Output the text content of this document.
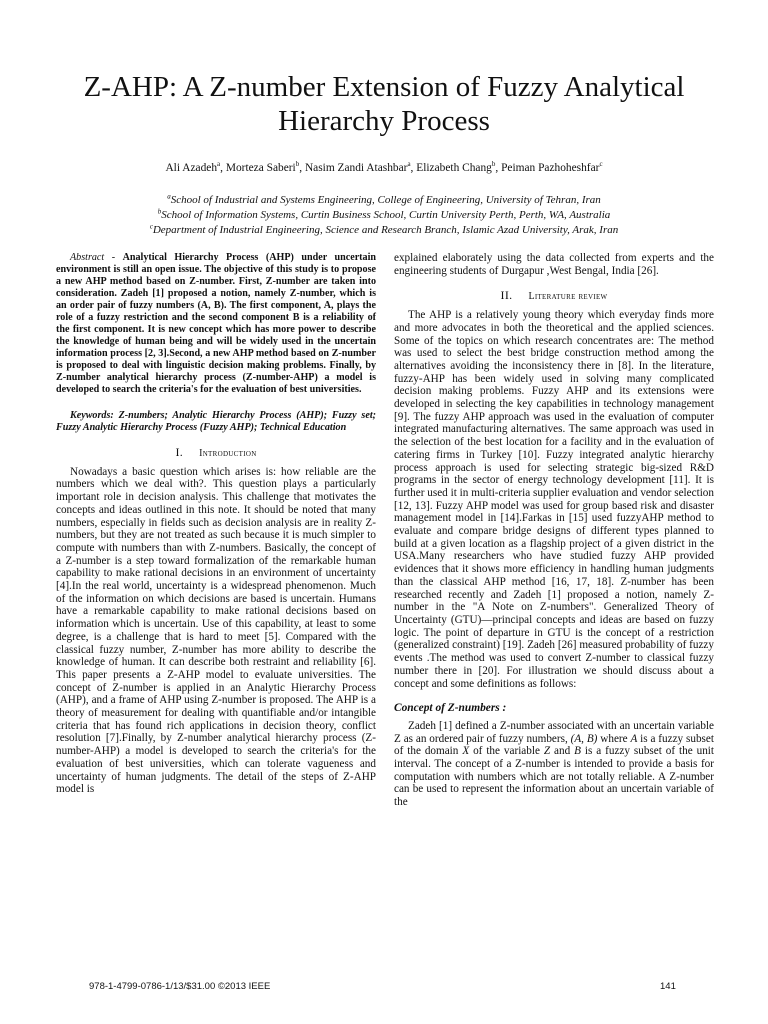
Z-AHP: A Z-number Extension of Fuzzy Analytical
Hierarchy Process
Ali Azadeh$^a$, Morteza Saberi$^b$, Nasim Zandi Atashbar$^a$, Elizabeth Chang$^b$, Peiman Pazhoheshfar$^c$
$^a$School of Industrial and Systems Engineering, College of Engineering, University of Tehran, Iran
$^b$School of Information Systems, Curtin Business School, Curtin University Perth, Perth, WA, Australia
$^c$Department of Industrial Engineering, Science and Research Branch, Islamic Azad University, Arak, Iran

Abstract - Analytical Hierarchy Process (AHP) under uncertain environment is still an open issue. The objective of this study is to propose a new AHP method based on Z-number. First, Z-number are taken into consideration. Zadeh [1] proposed a notion, namely Z-number, which is an order pair of fuzzy numbers (A, B). The first component, A, plays the role of a fuzzy restriction and the second component B is a reliability of the first component. It is new concept which has more power to describe the knowledge of human being and will be widely used in the uncertain information process [2, 3].Second, a new AHP method based on Z-number is proposed to deal with linguistic decision making problems. Finally, by Z-number analytical hierarchy process (Z-number-AHP) a model is developed to search the criteria's for the evaluation of best universities.

Keywords: Z-numbers; Analytic Hierarchy Process (AHP); Fuzzy set; Fuzzy Analytic Hierarchy Process (Fuzzy AHP); Technical Education

I. Introduction

Nowadays a basic question which arises is: how reliable are the numbers which we deal with?. This question plays a particularly important role in decision analysis. This challenge that motivates the concepts and ideas outlined in this note. It should be noted that many numbers, especially in fields such as decision analysis are in reality Z-numbers, but they are not treated as such because it is much simpler to compute with numbers than with Z-numbers. Basically, the concept of a Z-number is a step toward formalization of the remarkable human capability to make rational decisions in an environment of uncertainty [4].In the real world, uncertainty is a widespread phenomenon. Much of the information on which decisions are based is uncertain. Humans have a remarkable capability to make rational decisions based on information which is uncertain. Use of this capability, at least to some degree, is a challenge that is hard to meet [5]. Compared with the classical fuzzy number, Z-number has more ability to describe the knowledge of human. It can describe both restraint and reliability [6]. This paper presents a Z-AHP model to evaluate universities. The concept of Z-number is applied in an Analytic Hierarchy Process (AHP), and a frame of AHP using Z-number is proposed. The AHP is a theory of measurement for dealing with quantifiable and/or intangible criteria that has found rich applications in decision theory, conflict resolution [7].Finally, by Z-number analytical hierarchy process (Z-number-AHP) a model is developed to search the criteria's for the evaluation of best universities, which can tolerate vagueness and uncertainty of human judgments. The detail of the steps of Z-AHP model is

explained elaborately using the data collected from experts and the engineering students of Durgapur ,West Bengal, India [26].

II. Literature review

The AHP is a relatively young theory which everyday finds more and more advocates in both the theoretical and the applied sciences. Some of the topics on which research concentrates are: The method was used to select the best bridge construction method among the alternatives avoiding the inconsistency there in [8]. In the literature, fuzzy-AHP has been widely used in solving many complicated decision making problems. Fuzzy AHP and its extensions were developed in selecting the key capabilities in technology management [9]. The fuzzy AHP approach was used in the evaluation of computer integrated manufacturing alternatives. The same approach was used in the selection of the best location for a facility and in the evaluation of catering firms in Turkey [10]. Fuzzy integrated analytic hierarchy process approach is used for selecting strategic big-sized R&D programs in the sector of energy technology development [11]. It is further used it in multi-criteria supplier evaluation and vendor selection [12, 13]. Fuzzy AHP model was used for group based risk and disaster management model in [14].Farkas in [15] used fuzzyAHP method to evaluate and compare bridge designs of different types planned to build at a given location as a flagship project of a given district in the USA.Many researchers who have studied fuzzy AHP provided evidences that it shows more efficiency in handling human judgments than the classical AHP method [16, 17, 18]. Z-number has been researched recently and Zadeh [1] proposed a notion, namely Z-number in the "A Note on Z-numbers". Generalized Theory of Uncertainty (GTU)—principal concepts and ideas are based on fuzzy logic. The point of departure in GTU is the concept of a restriction (generalized constraint) [19]. Zadeh [26] measured probability of fuzzy events .The method was used to convert Z-number to classical fuzzy number there in [20]. For illustration we should discuss about a concept and some definitions as follows:

Concept of Z-numbers :

Zadeh [1] defined a Z-number associated with an uncertain variable Z as an ordered pair of fuzzy numbers, (A, B) where A is a fuzzy subset of the domain X of the variable Z and B is a fuzzy subset of the unit interval. The concept of a Z-number is intended to provide a basis for computation with numbers which are not totally reliable. A Z-number can be used to represent the information about an uncertain variable of the

978-1-4799-0786-1/13/$31.00 ©2013 IEEE	141
